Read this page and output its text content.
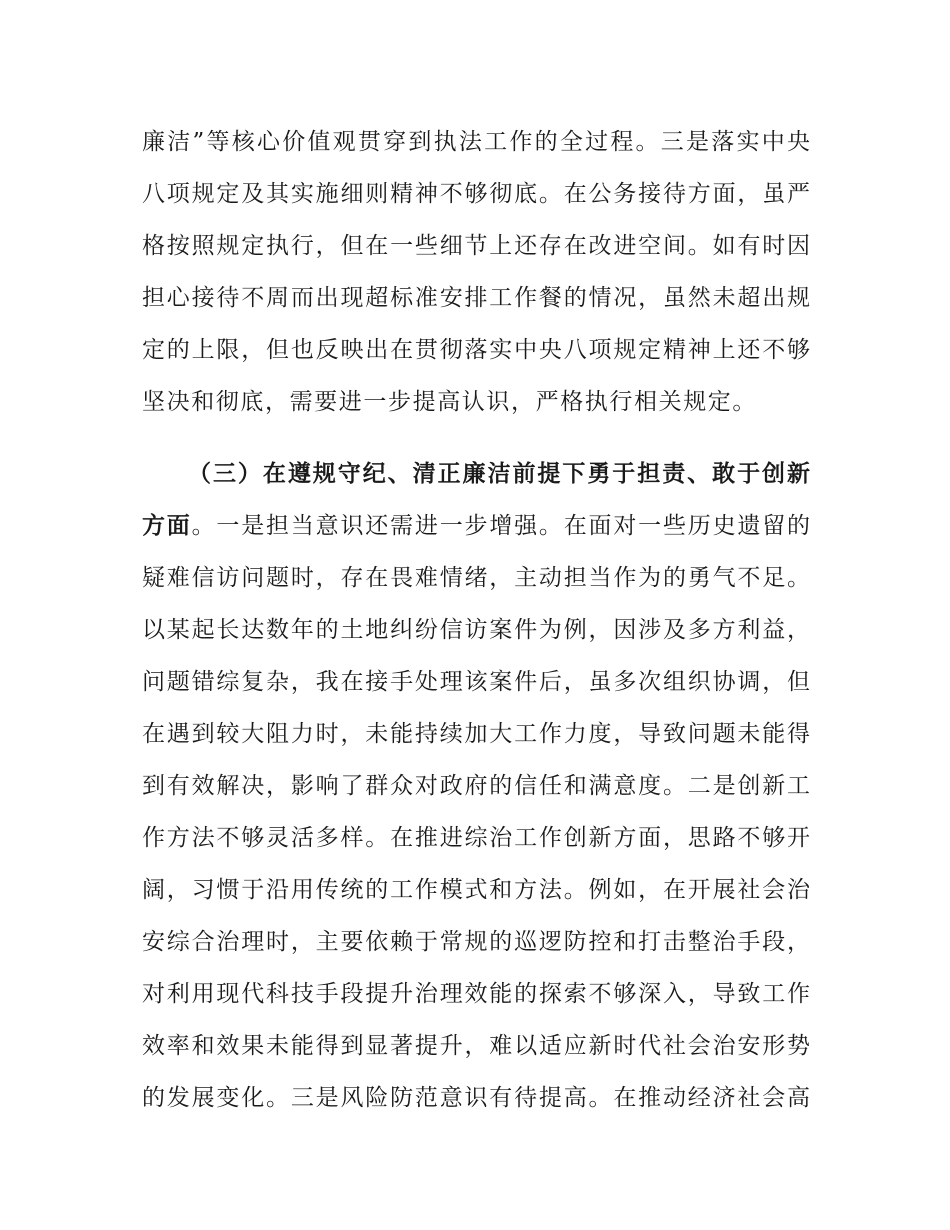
廉洁”等核心价值观贯穿到执法工作的全过程。三是落实中央
八项规定及其实施细则精神不够彻底。在公务接待方面，虽严
格按照规定执行，但在一些细节上还存在改进空间。如有时因
担心接待不周而出现超标准安排工作餐的情况，虽然未超出规
定的上限，但也反映出在贯彻落实中央八项规定精神上还不够
坚决和彻底，需要进一步提高认识，严格执行相关规定。
（三）在遵规守纪、清正廉洁前提下勇于担责、敢于创新
方面。一是担当意识还需进一步增强。在面对一些历史遗留的
疑难信访问题时，存在畏难情绪，主动担当作为的勇气不足。
以某起长达数年的土地纠纷信访案件为例，因涉及多方利益，
问题错综复杂，我在接手处理该案件后，虽多次组织协调，但
在遇到较大阻力时，未能持续加大工作力度，导致问题未能得
到有效解决，影响了群众对政府的信任和满意度。二是创新工
作方法不够灵活多样。在推进综治工作创新方面，思路不够开
阔，习惯于沿用传统的工作模式和方法。例如，在开展社会治
安综合治理时，主要依赖于常规的巡逻防控和打击整治手段，
对利用现代科技手段提升治理效能的探索不够深入，导致工作
效率和效果未能得到显著提升，难以适应新时代社会治安形势
的发展变化。三是风险防范意识有待提高。在推动经济社会高
